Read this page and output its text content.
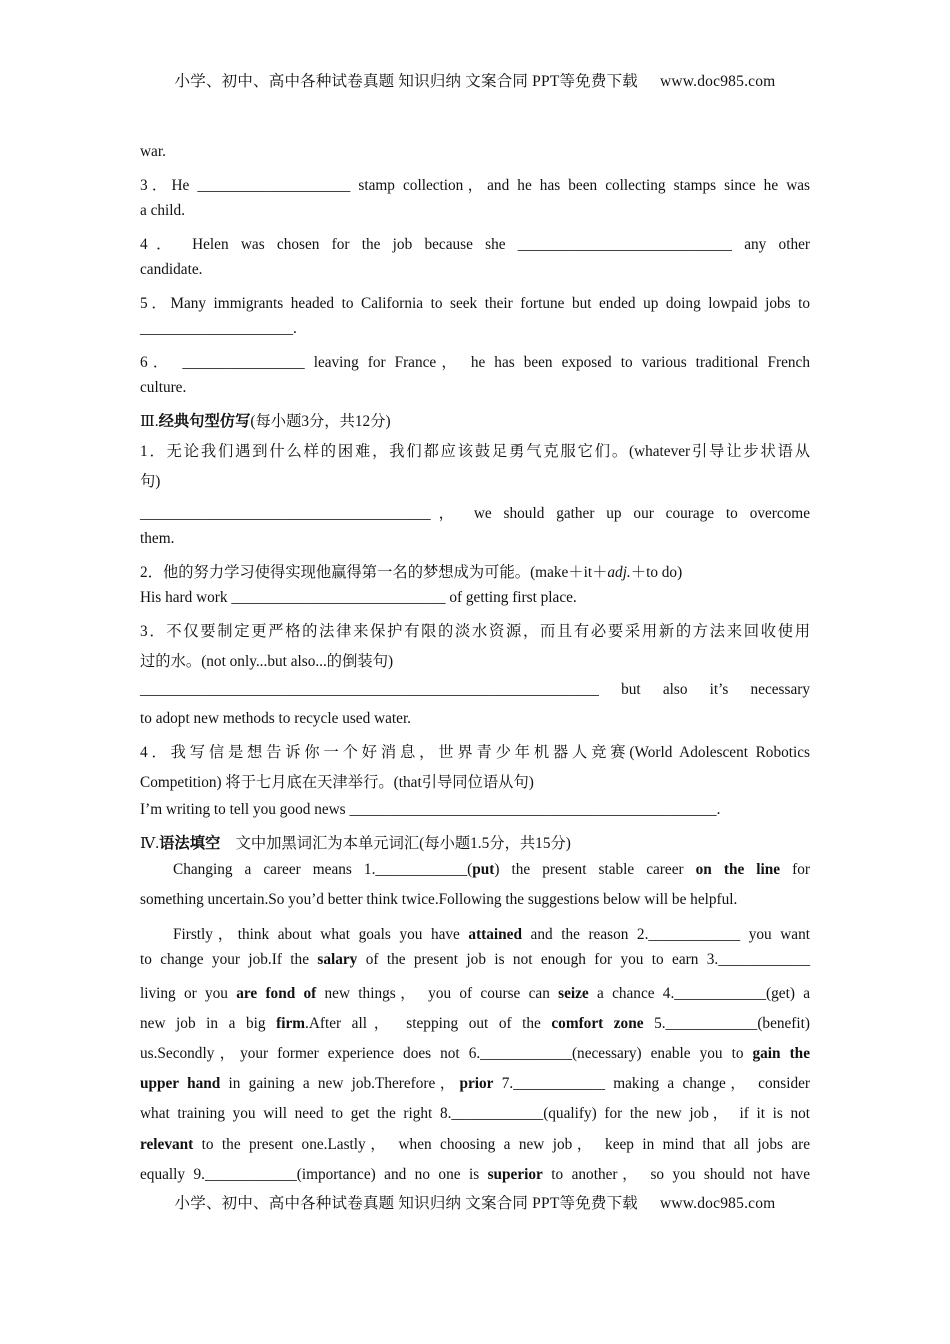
小学、初中、高中各种试卷真题 知识归纳 文案合同 PPT等免费下载 www.doc985.com
war.
3．He ____________________ stamp collection，and he has been collecting stamps since he was
a child.
4． Helen was chosen for the job because she ____________________________ any other
candidate.
5．Many immigrants headed to California to seek their fortune but ended up doing lowpaid jobs to
____________________.
6． ________________ leaving for France， he has been exposed to various traditional French
culture.
Ⅲ.经典句型仿写(每小题3分，共12分)
1．无论我们遇到什么样的困难，我们都应该鼓足勇气克服它们。(whatever引导让步状语从
句)
______________________________________， we should gather up our courage to overcome
them.
2．他的努力学习使得实现他赢得第一名的梦想成为可能。(make＋it＋adj.＋to do)
His hard work ____________________________ of getting first place.
3．不仅要制定更严格的法律来保护有限的淡水资源，而且有必要采用新的方法来回收使用
过的水。(not only...but also...的倒装句)
____________________________________________________________ but also it’s necessary
to adopt new methods to recycle used water.
4．我写信是想告诉你一个好消息，世界青少年机器人竞赛(World Adolescent Robotics
Competition) 将于七月底在天津举行。(that引导同位语从句)
I’m writing to tell you good news ________________________________________________.
Ⅳ.语法填空　文中加黑词汇为本单元词汇(每小题1.5分，共15分)
Changing a career means 1.____________(put) the present stable career on the line for
something uncertain.So you’d better think twice.Following the suggestions below will be helpful.
Firstly，think about what goals you have attained and the reason 2.____________ you want
to change your job.If the salary of the present job is not enough for you to earn 3.____________
living or you are fond of new things， you of course can seize a chance 4.____________(get) a
new job in a big firm.After all， stepping out of the comfort zone 5.____________(benefit)
us.Secondly，your former experience does not 6.____________(necessary) enable you to gain the
upper hand in gaining a new job.Therefore，prior 7.____________ making a change， consider
what training you will need to get the right 8.____________(qualify) for the new job， if it is not
relevant to the present one.Lastly， when choosing a new job， keep in mind that all jobs are
equally 9.____________(importance) and no one is superior to another， so you should not have
小学、初中、高中各种试卷真题 知识归纳 文案合同 PPT等免费下载 www.doc985.com
